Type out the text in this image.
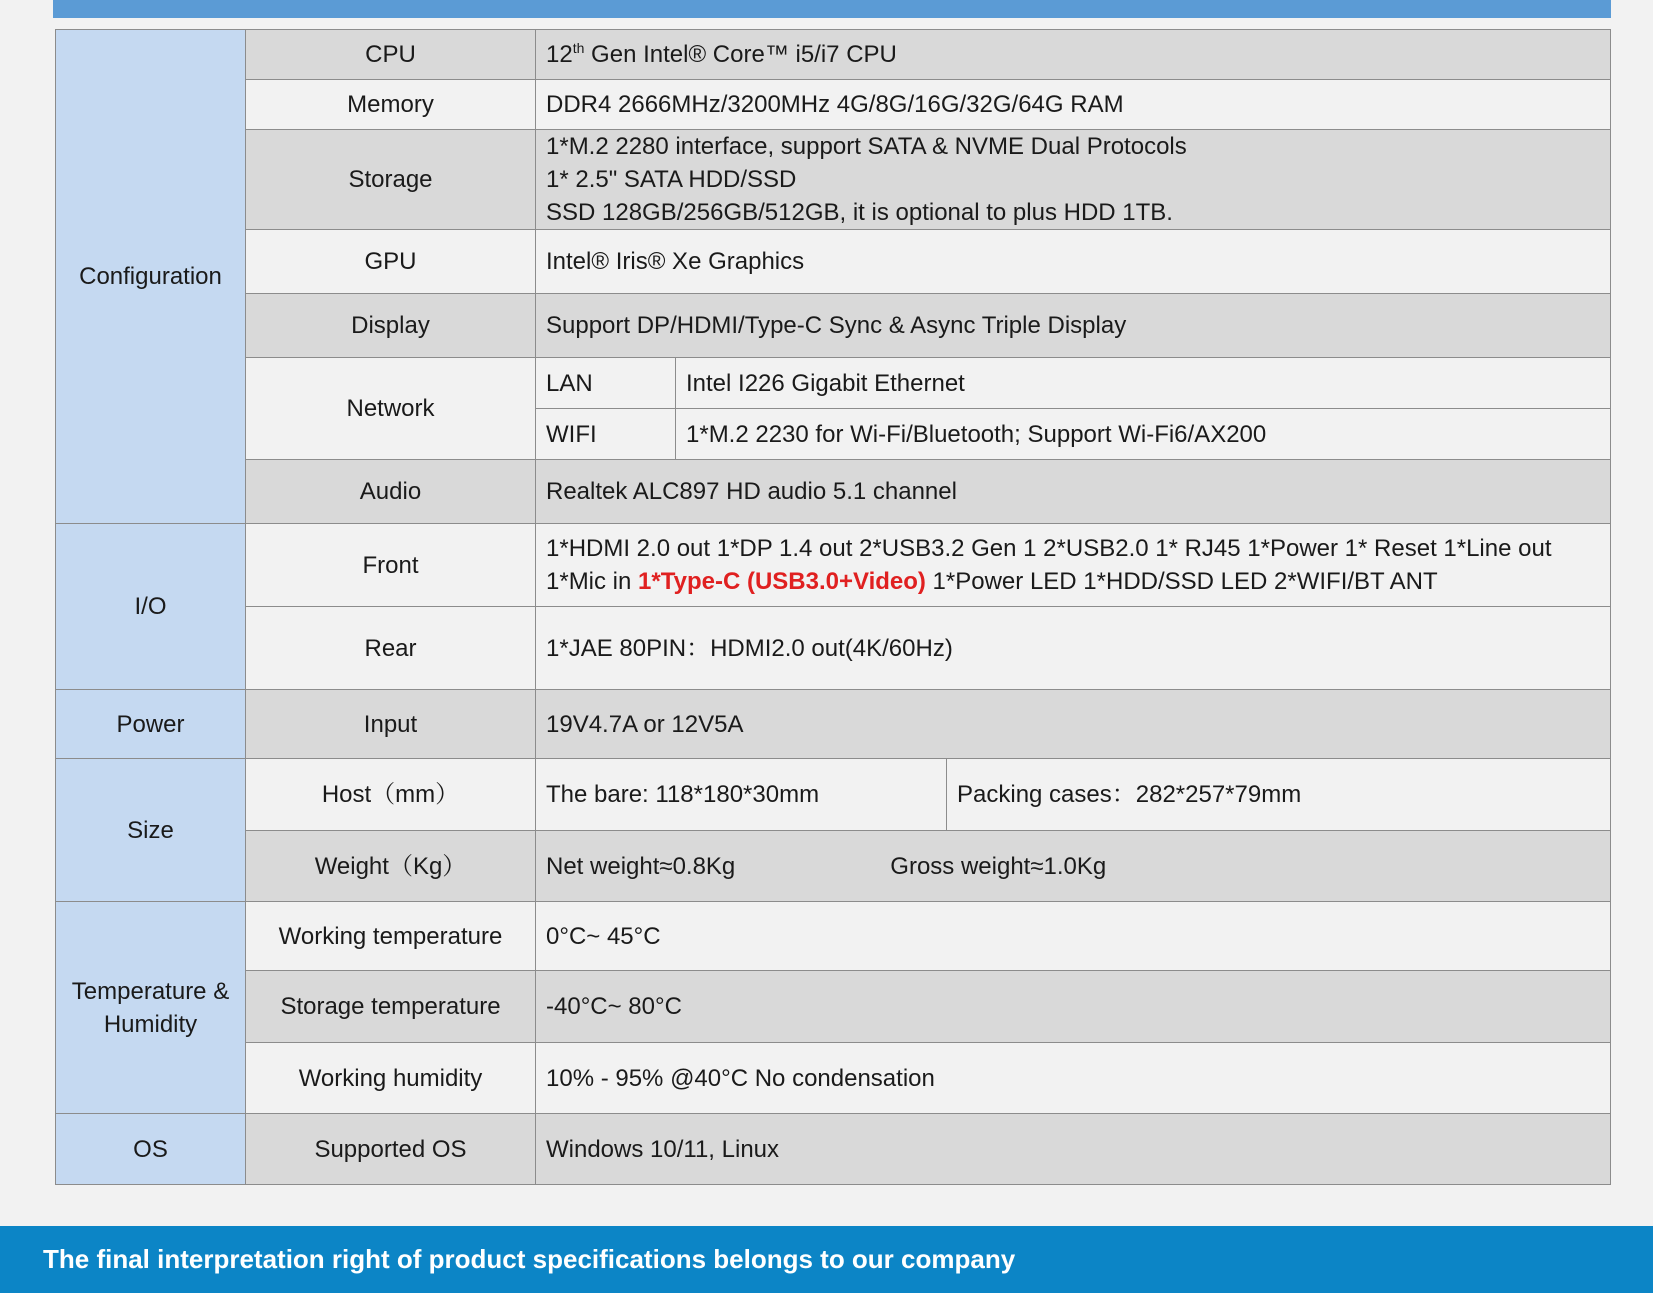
Configuration	CPU	12th Gen Intel® Core™ i5/i7 CPU		
	Memory	DDR4 2666MHz/3200MHz 4G/8G/16G/32G/64G RAM		
	Storage	1*M.2 2280 interface, support SATA & NVME Dual Protocols
1* 2.5" SATA HDD/SSD
SSD 128GB/256GB/512GB, it is optional to plus HDD 1TB.		

	GPU	Intel® Iris® Xe Graphics		
	Display	Support DP/HDMI/Type-C Sync & Async Triple Display		
	Network	LAN	Intel I226 Gigabit Ethernet	
		WIFI	1*M.2 2230 for Wi-Fi/Bluetooth; Support Wi-Fi6/AX200	
	Audio	Realtek ALC897 HD audio 5.1 channel		
I/O	Front	1*HDMI 2.0 out 1*DP 1.4 out 2*USB3.2 Gen 1 2*USB2.0 1* RJ45 1*Power 1* Reset 1*Line out 1*Mic in 1*Type-C (USB3.0+Video) 1*Power LED 1*HDD/SSD LED 2*WIFI/BT ANT		
	Rear	1*JAE 80PIN：HDMI2.0 out(4K/60Hz)		
Power	Input	19V4.7A or 12V5A		
Size	Host（mm）	The bare: 118*180*30mm		Packing cases：282*257*79mm
	Weight（Kg）	Net weight≈0.8Kg Gross weight≈1.0Kg		
Temperature & Humidity	Working temperature	0°C~ 45°C		
	Storage temperature	-40°C~ 80°C		
	Working humidity	10% - 95% @40°C No condensation		
OS	Supported OS	Windows 10/11, Linux		
The final interpretation right of product specifications belongs to our company
